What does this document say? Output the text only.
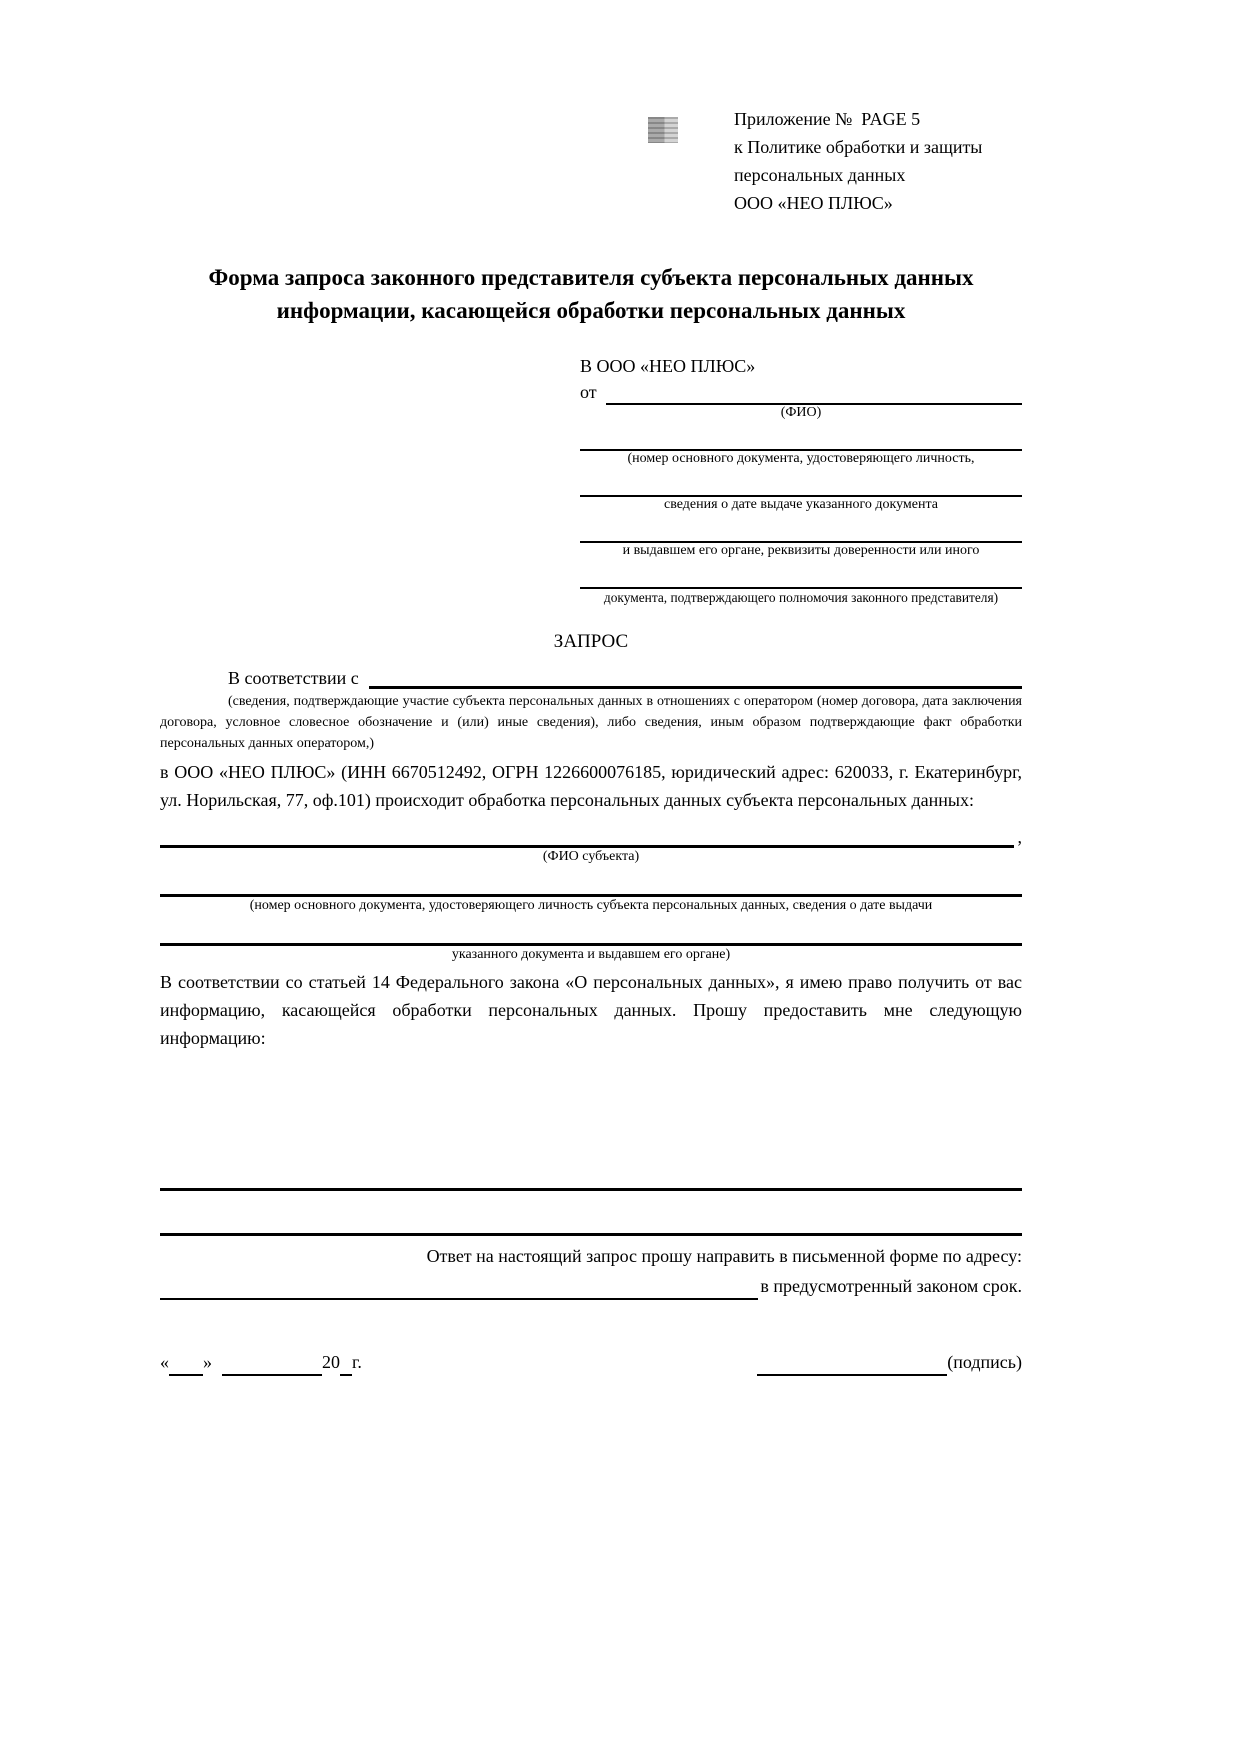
Приложение №  PAGE 5
к Политике обработки и защиты
персональных данных
ООО «НЕО ПЛЮС»
Форма запроса законного представителя субъекта персональных данных
информации, касающейся обработки персональных данных
В ООО «НЕО ПЛЮС»
от
(ФИО)
(номер основного документа, удостоверяющего личность,
сведения о дате выдаче указанного документа
и выдавшем его органе, реквизиты доверенности или иного
документа, подтверждающего полномочия законного представителя)
ЗАПРОС
В соответствии с
(сведения, подтверждающие участие субъекта персональных данных в отношениях с оператором (номер договора, дата заключения договора, условное словесное обозначение и (или) иные сведения), либо сведения, иным образом подтверждающие факт обработки персональных данных оператором,)
в ООО «НЕО ПЛЮС» (ИНН 6670512492, ОГРН 1226600076185, юридический адрес: 620033, г. Екатеринбург, ул. Норильская, 77, оф.101) происходит обработка персональных данных субъекта персональных данных:
,
(ФИО субъекта)
(номер основного документа, удостоверяющего личность субъекта персональных данных, сведения о дате выдачи
указанного документа и выдавшем его органе)
В соответствии со статьей 14 Федерального закона «О персональных данных», я имею право получить от вас информацию, касающейся обработки персональных данных. Прошу предоставить мне следующую информацию:
Ответ на настоящий запрос прошу направить в письменной форме по адресу:
в предусмотренный законом срок.
« »	20 г.	(подпись)
